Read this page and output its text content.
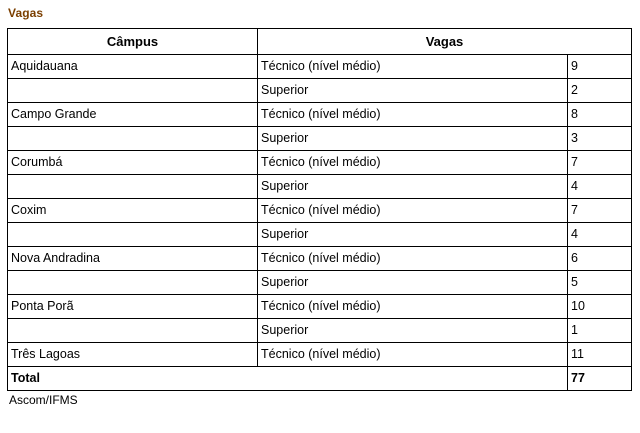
Vagas
Câmpus	Vagas	
Aquidauana	Técnico (nível médio)	9
	Superior	2
Campo Grande	Técnico (nível médio)	8
	Superior	3
Corumbá	Técnico (nível médio)	7
	Superior	4
Coxim	Técnico (nível médio)	7
	Superior	4
Nova Andradina	Técnico (nível médio)	6
	Superior	5
Ponta Porã	Técnico (nível médio)	10
	Superior	1
Três Lagoas	Técnico (nível médio)	11
Total		77
Ascom/IFMS
